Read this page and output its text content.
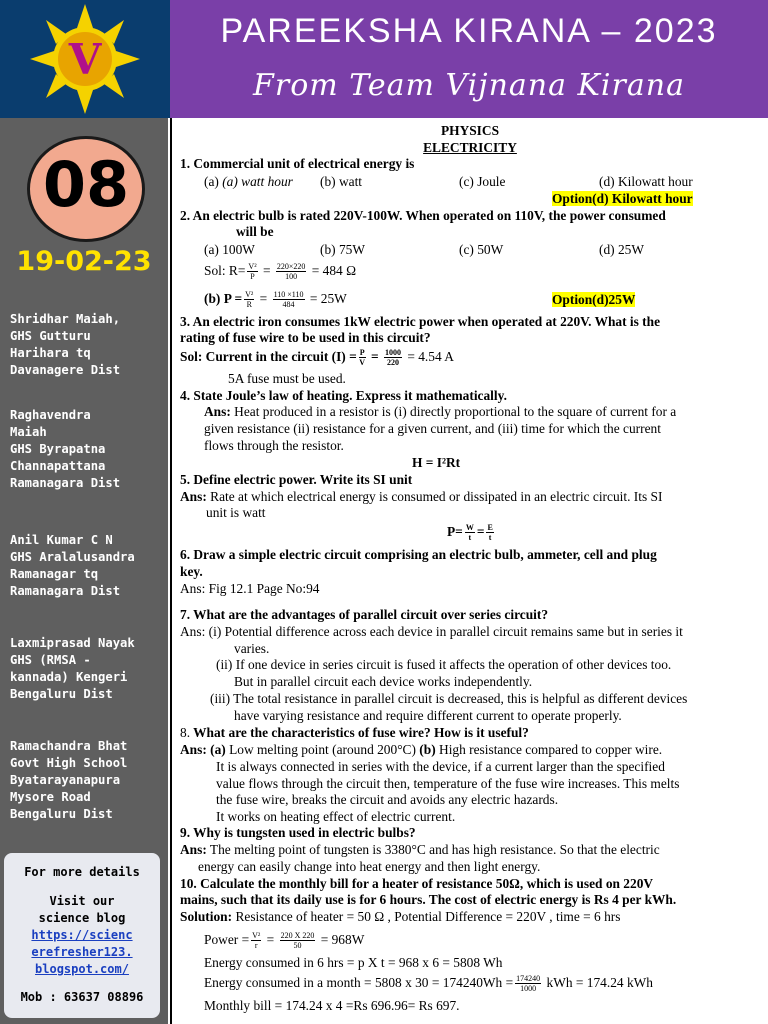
V
PAREEKSHA KIRANA – 2023
From Team Vijnana Kirana
08
19-02-23
Shridhar Maiah,
GHS Gutturu
Harihara tq
Davanagere Dist
Raghavendra
Maiah
GHS Byrapatna
Channapattana
Ramanagara Dist
Anil Kumar C N
GHS Aralalusandra
Ramanagar tq
Ramanagara Dist
Laxmiprasad Nayak
GHS (RMSA -
kannada) Kengeri
Bengaluru Dist
Ramachandra Bhat
Govt High School
Byatarayanapura
Mysore Road
Bengaluru Dist
For more details
Visit our
science blog
https://scienc
erefresher123.
blogspot.com/
Mob : 63637 08896
PHYSICS
ELECTRICITY
1. Commercial unit of electrical energy is
(a) (a) watt hour	(b) watt	(c) Joule	(d) Kilowatt hour
Option(d) Kilowatt hour
2. An electric bulb is rated 220V-100W. When operated on 110V, the power consumed
will be
(a) 100W	(b) 75W	(c) 50W	(d) 25W
Sol: $R= \frac{\text{V²}}{P} = \frac{220\times 220}{100} = 484$ Ω
(b) $P = \frac{\text{V²}}{R} = \frac{110 \times 110}{484} = 25W$	Option(d)25W
3. An electric iron consumes 1kW electric power when operated at 220V. What is the
rating of fuse wire to be used in this circuit?
Sol: Current in the circuit $(I) = \frac{P}{V} = \frac{1000}{220} = 4.54$ A
5A fuse must be used.
4. State Joule’s law of heating. Express it mathematically.
Ans: Heat produced in a resistor is (i) directly proportional to the square of current for a
given resistance (ii) resistance for a given current, and (iii) time for which the current
flows through the resistor.
H = I²Rt
5. Define electric power. Write its SI unit
Ans: Rate at which electrical energy is consumed or dissipated in an electric circuit. Its SI
unit is watt
$P= \frac{W}{t} = \frac{E}{t}$
6. Draw a simple electric circuit comprising an electric bulb, ammeter, cell and plug
key.
Ans: Fig 12.1 Page No:94
7. What are the advantages of parallel circuit over series circuit?
Ans: (i) Potential difference across each device in parallel circuit remains same but in series it
varies.
(ii) If one device in series circuit is fused it affects the operation of other devices too.
But in parallel circuit each device works independently.
(iii) The total resistance in parallel circuit is decreased, this is helpful as different devices
have varying resistance and require different current to operate properly.
8. What are the characteristics of fuse wire? How is it useful?
Ans: (a) Low melting point (around 200°C) (b) High resistance compared to copper wire.
It is always connected in series with the device, if a current larger than the specified
value flows through the circuit then, temperature of the fuse wire increases. This melts
the fuse wire, breaks the circuit and avoids any electric hazards.
It works on heating effect of electric current.
9. Why is tungsten used in electric bulbs?
Ans: The melting point of tungsten is 3380°C and has high resistance. So that the electric
energy can easily change into heat energy and then light energy.
10. Calculate the monthly bill for a heater of resistance 50Ω, which is used on 220V
mains, such that its daily use is for 6 hours. The cost of electric energy is Rs 4 per kWh.
Solution: Resistance of heater = 50 Ω , Potential Difference = 220V , time = 6 hrs
Power = $\frac{\text{V²}}{r} = \frac{220 X 220}{50} = 968W$
Energy consumed in 6 hrs = p X t = 968 x 6 = 5808 Wh
Energy consumed in a month = 5808 x $30 = 174240Wh = \frac{174240}{1000}$ kWh = 174.24 kWh
Monthly bill = 174.24 x 4 =Rs 696.96= Rs 697.
